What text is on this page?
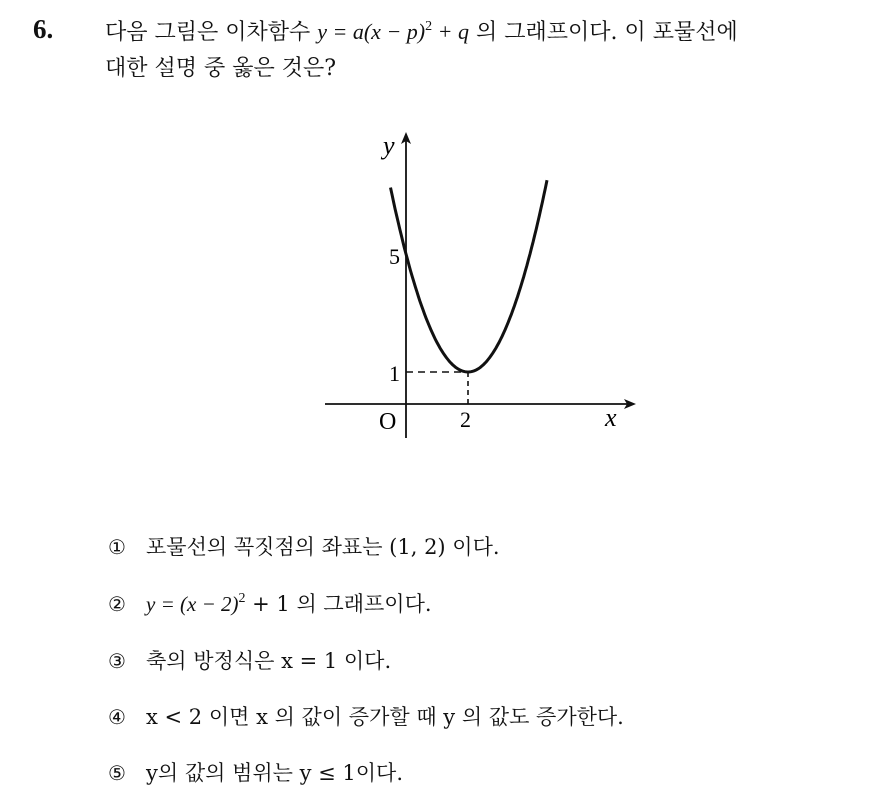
6. 다음 그림은 이차함수 $y = a(x - p)^2 + q$ 의 그래프이다. 이 포물선에
대한 설명 중 옳은 것은?
y
x
O
5
1
2
① 포물선의 꼭짓점의 좌표는 (1, 2) 이다.
② $y = (x - 2)^2 + 1$ 의 그래프이다.
③ 축의 방정식은 x = 1 이다.
④ x < 2 이면 x 의 값이 증가할 때 y 의 값도 증가한다.
⑤ y의 값의 범위는 y ≤ 1이다.
